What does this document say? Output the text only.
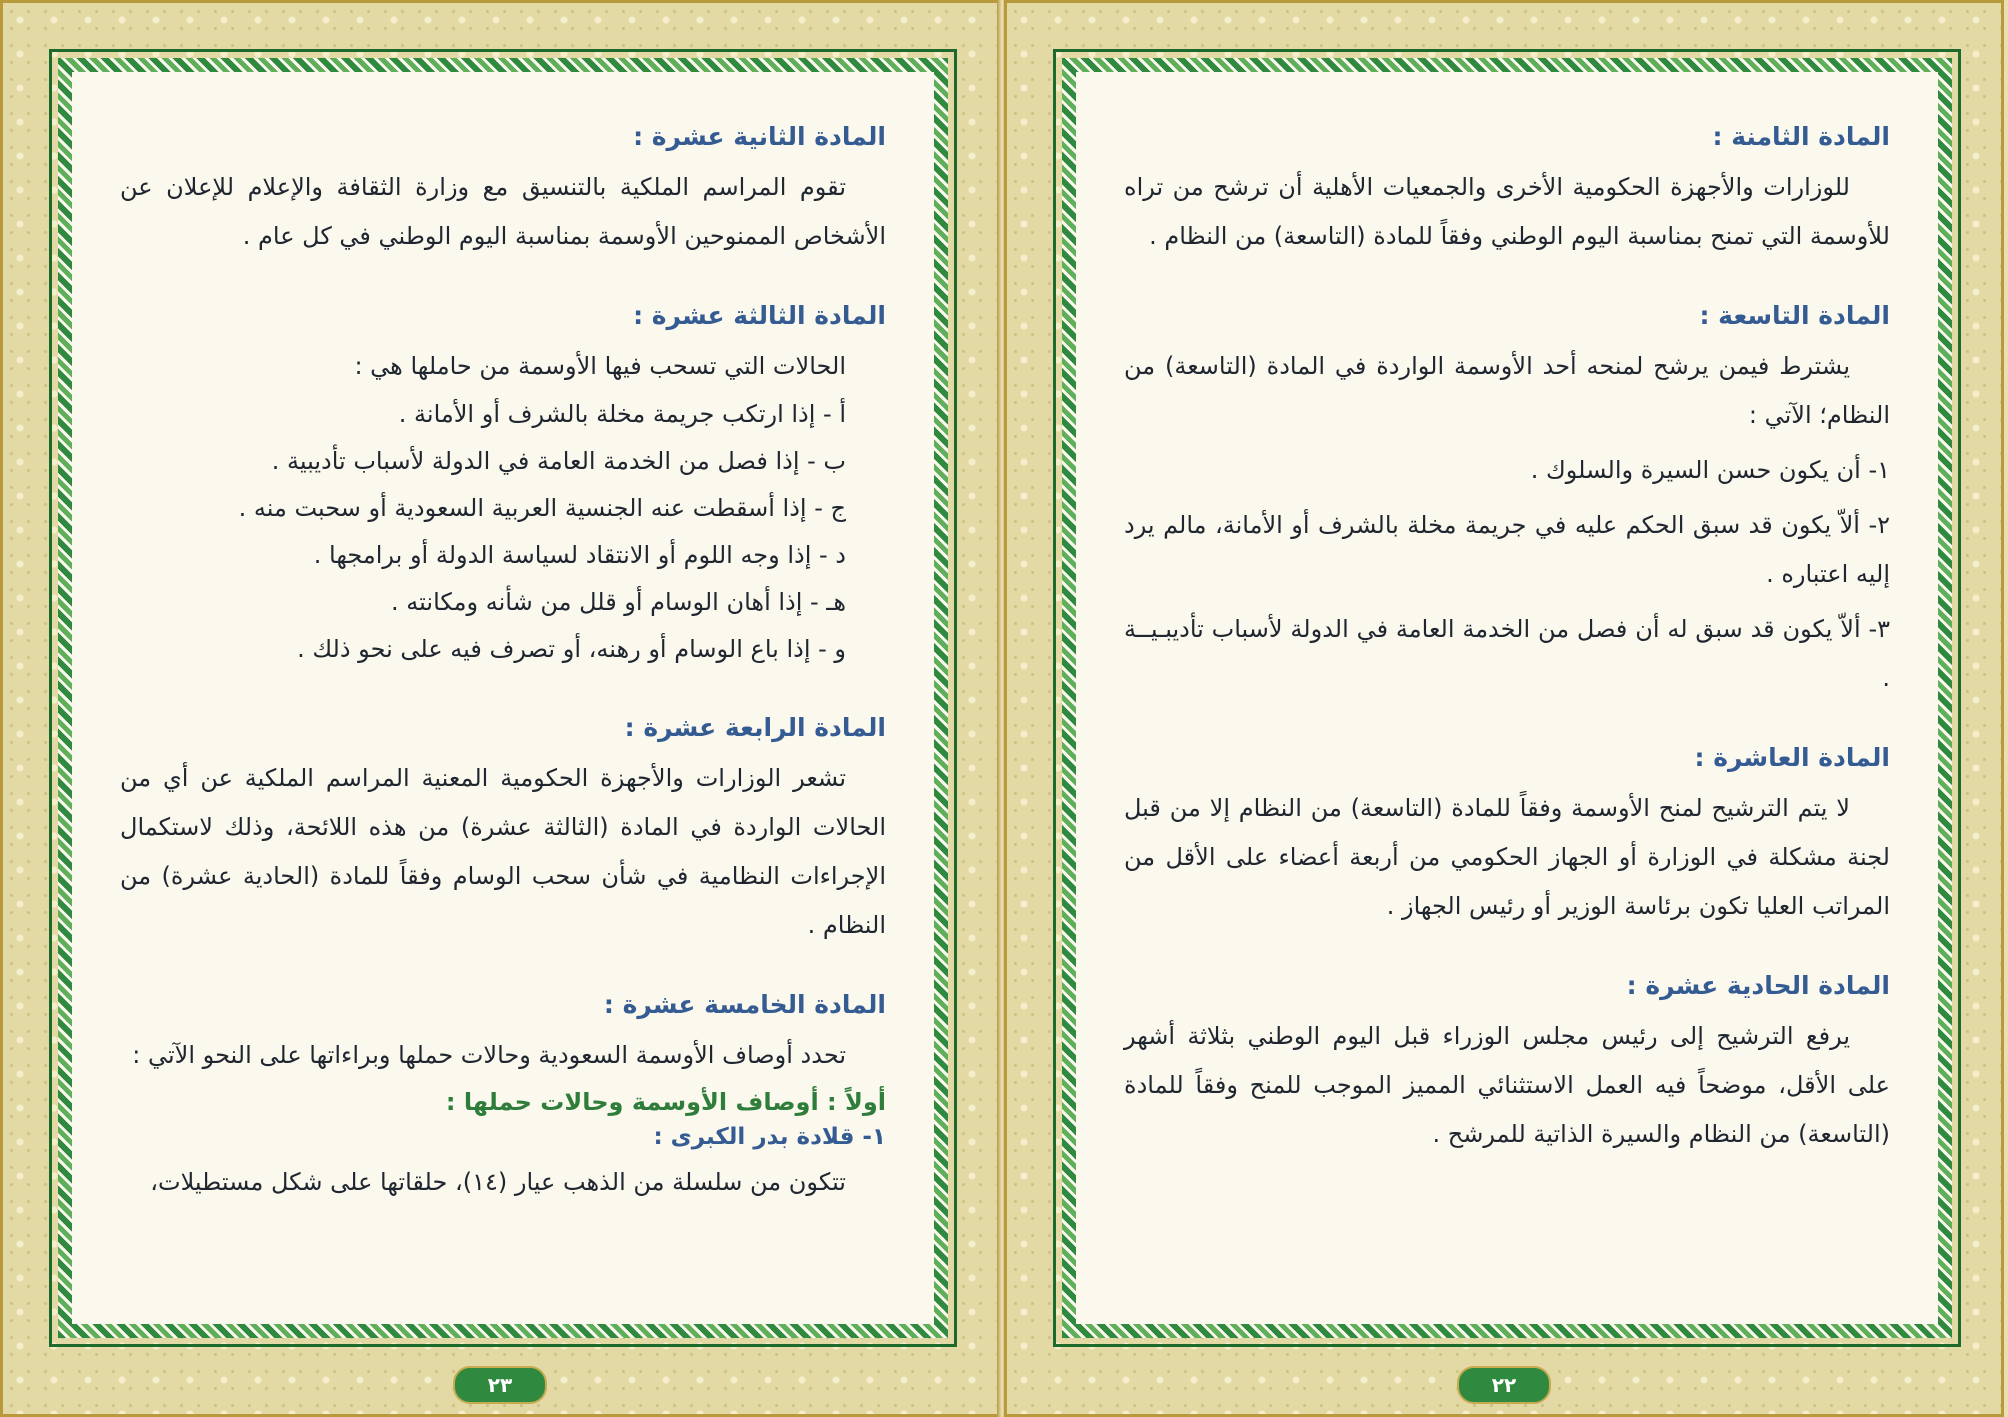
المادة الثانية عشرة :

تقوم المراسم الملكية بالتنسيق مع وزارة الثقافة والإعلام للإعلان عن الأشخاص الممنوحين الأوسمة بمناسبة اليوم الوطني في كل عام .

المادة الثالثة عشرة :

الحالات التي تسحب فيها الأوسمة من حاملها هي :

أ - إذا ارتكب جريمة مخلة بالشرف أو الأمانة .
ب - إذا فصل من الخدمة العامة في الدولة لأسباب تأديبية .
ج - إذا أسقطت عنه الجنسية العربية السعودية أو سحبت منه .
د - إذا وجه اللوم أو الانتقاد لسياسة الدولة أو برامجها .
هـ - إذا أهان الوسام أو قلل من شأنه ومكانته .
و - إذا باع الوسام أو رهنه، أو تصرف فيه على نحو ذلك .
المادة الرابعة عشرة :

تشعر الوزارات والأجهزة الحكومية المعنية المراسم الملكية عن أي من الحالات الواردة في المادة (الثالثة عشرة) من هذه اللائحة، وذلك لاستكمال الإجراءات النظامية في شأن سحب الوسام وفقاً للمادة (الحادية عشرة) من النظام .

المادة الخامسة عشرة :

تحدد أوصاف الأوسمة السعودية وحالات حملها وبراءاتها على النحو الآتي :

أولاً : أوصاف الأوسمة وحالات حملها :
١- قلادة بدر الكبرى :

تتكون من سلسلة من الذهب عيار (١٤)، حلقاتها على شكل مستطيلات،

٢٣
المادة الثامنة :

للوزارات والأجهزة الحكومية الأخرى والجمعيات الأهلية أن ترشح من تراه للأوسمة التي تمنح بمناسبة اليوم الوطني وفقاً للمادة (التاسعة) من النظام .

المادة التاسعة :

يشترط فيمن يرشح لمنحه أحد الأوسمة الواردة في المادة (التاسعة) من النظام؛ الآتي :

١- أن يكون حسن السيرة والسلوك .

٢- ألاّ يكون قد سبق الحكم عليه في جريمة مخلة بالشرف أو الأمانة، مالم يرد إليه اعتباره .

٣- ألاّ يكون قد سبق له أن فصل من الخدمة العامة في الدولة لأسباب تأديبـيــة .

المادة العاشرة :

لا يتم الترشيح لمنح الأوسمة وفقاً للمادة (التاسعة) من النظام إلا من قبل لجنة مشكلة في الوزارة أو الجهاز الحكومي من أربعة أعضاء على الأقل من المراتب العليا تكون برئاسة الوزير أو رئيس الجهاز .

المادة الحادية عشرة :

يرفع الترشيح إلى رئيس مجلس الوزراء قبل اليوم الوطني بثلاثة أشهر على الأقل، موضحاً فيه العمل الاستثنائي المميز الموجب للمنح وفقاً للمادة (التاسعة) من النظام والسيرة الذاتية للمرشح .

٢٢
